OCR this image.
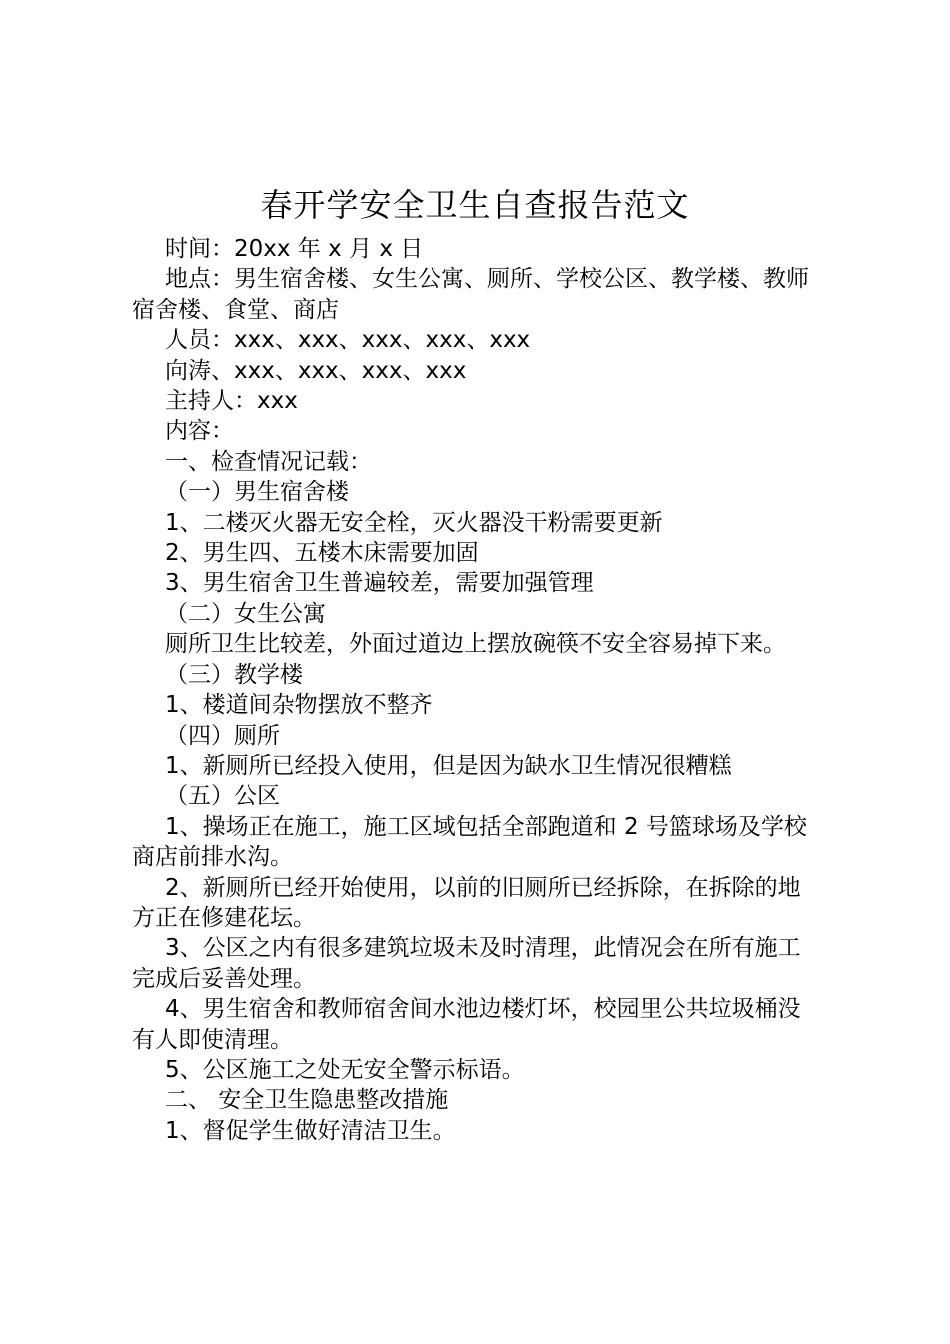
春开学安全卫生自查报告范文

时间：20xx 年 x 月 x 日

地点：男生宿舍楼、女生公寓、厕所、学校公区、教学楼、教师宿舍楼、食堂、商店

人员：xxx、xxx、xxx、xxx、xxx

向涛、xxx、xxx、xxx、xxx

主持人：xxx

内容：

一、检查情况记载：

（一）男生宿舍楼

1、二楼灭火器无安全栓，灭火器没干粉需要更新

2、男生四、五楼木床需要加固

3、男生宿舍卫生普遍较差，需要加强管理

（二）女生公寓

厕所卫生比较差，外面过道边上摆放碗筷不安全容易掉下来。

（三）教学楼

1、楼道间杂物摆放不整齐

（四）厕所

1、新厕所已经投入使用，但是因为缺水卫生情况很糟糕

（五）公区

1、操场正在施工，施工区域包括全部跑道和 2 号篮球场及学校商店前排水沟。

2、新厕所已经开始使用，以前的旧厕所已经拆除，在拆除的地方正在修建花坛。

3、公区之内有很多建筑垃圾未及时清理，此情况会在所有施工完成后妥善处理。

4、男生宿舍和教师宿舍间水池边楼灯坏，校园里公共垃圾桶没有人即使清理。

5、公区施工之处无安全警示标语。

二、 安全卫生隐患整改措施

1、督促学生做好清洁卫生。
